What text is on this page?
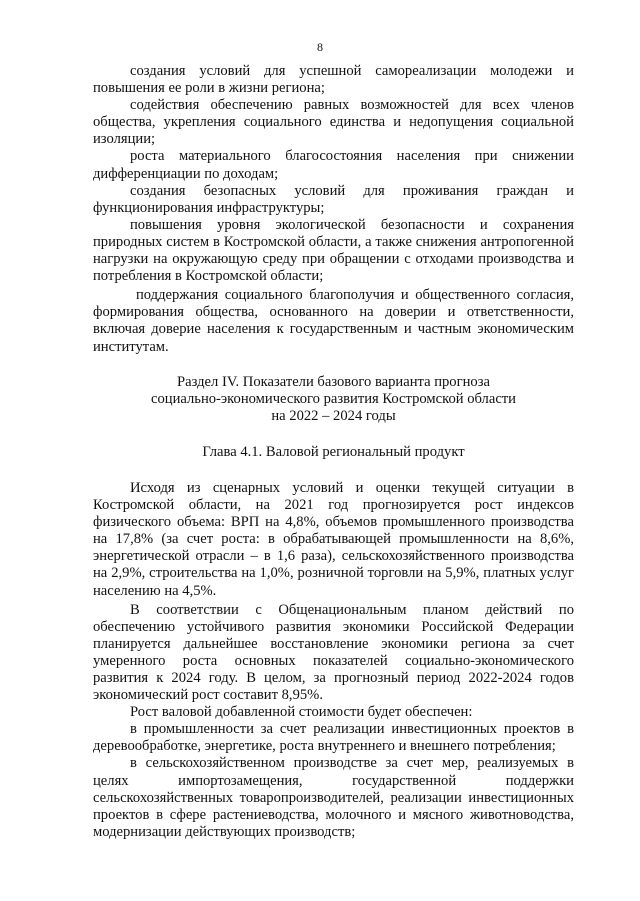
8

создания условий для успешной самореализации молодежи и повышения ее роли в жизни региона;

содействия обеспечению равных возможностей для всех членов общества, укрепления социального единства и недопущения социальной изоляции;

роста материального благосостояния населения при снижении дифференциации по доходам;

создания безопасных условий для проживания граждан и функционирования инфраструктуры;

повышения уровня экологической безопасности и сохранения природных систем в Костромской области, а также снижения антропогенной нагрузки на окружающую среду при обращении с отходами производства и потребления в Костромской области;

поддержания социального благополучия и общественного согласия, формирования общества, основанного на доверии и ответственности, включая доверие населения к государственным и частным экономическим институтам.

Раздел IV. Показатели базового варианта прогноза
социально-экономического развития Костромской области
на 2022 – 2024 годы
Глава 4.1. Валовой региональный продукт

Исходя из сценарных условий и оценки текущей ситуации в Костромской области, на 2021 год прогнозируется рост индексов физического объема: ВРП на 4,8%, объемов промышленного производства на 17,8% (за счет роста: в обрабатывающей промышленности на 8,6%, энергетической отрасли – в 1,6 раза), сельскохозяйственного производства на 2,9%, строительства на 1,0%, розничной торговли на 5,9%, платных услуг населению на 4,5%.

В соответствии с Общенациональным планом действий по обеспечению устойчивого развития экономики Российской Федерации планируется дальнейшее восстановление экономики региона за счет умеренного роста основных показателей социально-экономического развития к 2024 году. В целом, за прогнозный период 2022-2024 годов экономический рост составит 8,95%.

Рост валовой добавленной стоимости будет обеспечен:

в промышленности за счет реализации инвестиционных проектов в деревообработке, энергетике, роста внутреннего и внешнего потребления;

в сельскохозяйственном производстве за счет мер, реализуемых в целях импортозамещения, государственной поддержки сельскохозяйственных товаропроизводителей, реализации инвестиционных проектов в сфере растениеводства, молочного и мясного животноводства, модернизации действующих производств;
